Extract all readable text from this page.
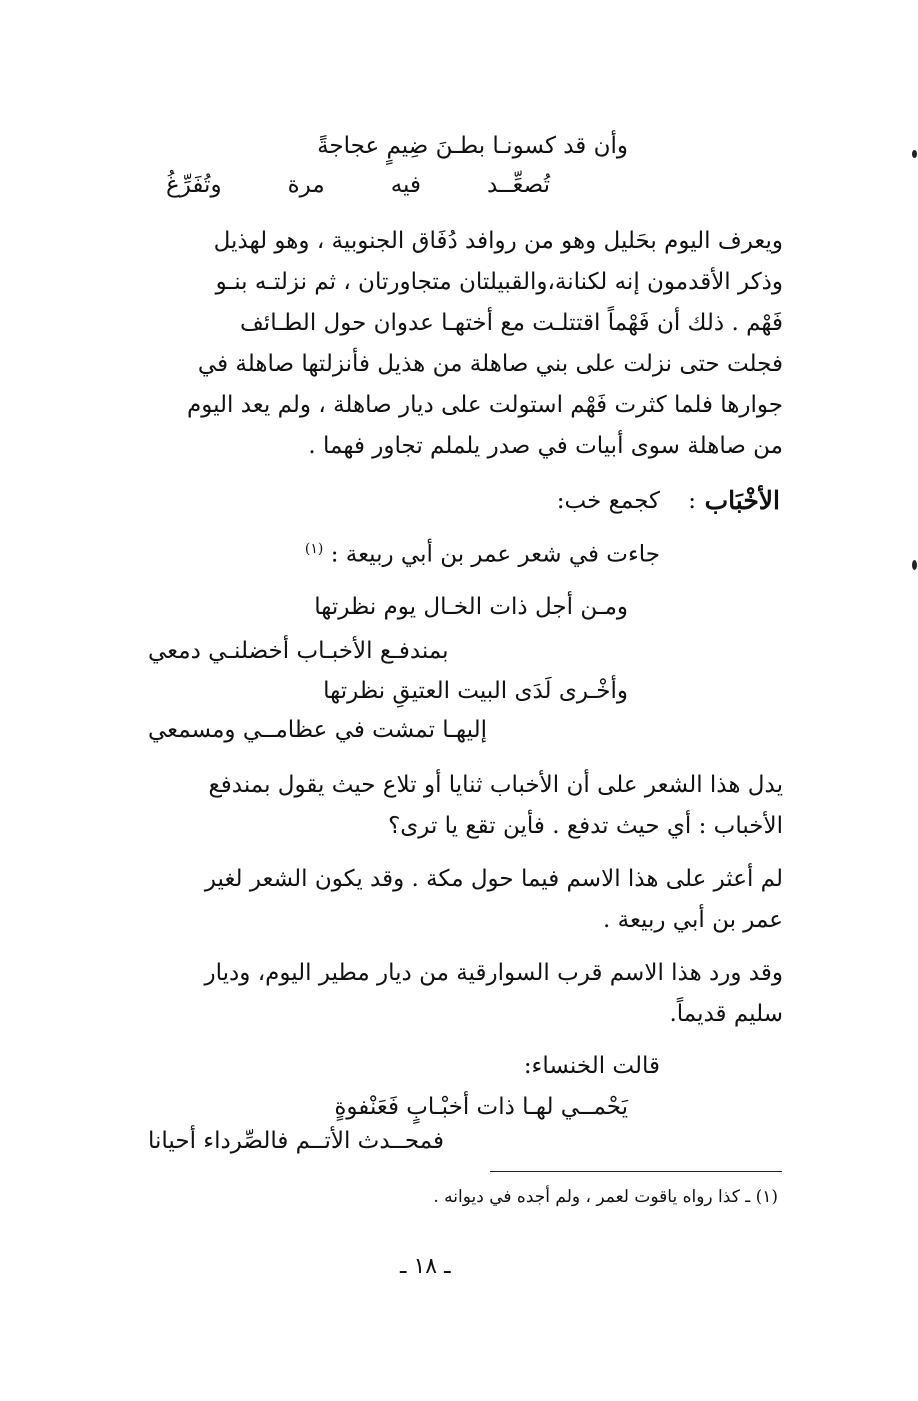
وأن قد كسونـا بطـنَ ضِيمٍ عجاجةً
تُصعِّــد
فيه
مرة
وتُفَرِّغُ
ويعرف اليوم بحَليل وهو من روافد دُفَاق الجنوبية ، وهو لهذيل
وذكر الأقدمون إنه لكنانة،والقبيلتان متجاورتان ، ثم نزلتـه بنـو
فَهْم . ذلك أن فَهْماً اقتتلـت مع أختهـا عدوان حول الطـائف
فجلت حتى نزلت على بني صاهلة من هذيل فأنزلتها صاهلة في
جوارها فلما كثرت فَهْم استولت على ديار صاهلة ، ولم يعد اليوم
من صاهلة سوى أبيات في صدر يلملم تجاور فهما .
الأخْبَاب
:
كجمع خب:
جاءت في شعر عمر بن أبي ربيعة : $^{(١)}$
ومـن أجل ذات الخـال يوم نظرتها
بمندفـع الأخبـاب أخضلنـي دمعي
وأخْـرى لَدَى البيت العتيقِ نظرتها
إليهـا تمشت في عظامــي ومسمعي
يدل هذا الشعر على أن الأخباب ثنايا أو تلاع حيث يقول بمندفع
الأخباب : أي حيث تدفع . فأين تقع يا ترى؟
لم أعثر على هذا الاسم فيما حول مكة . وقد يكون الشعر لغير
عمر بن أبي ربيعة .
وقد ورد هذا الاسم قرب السوارقية من ديار مطير اليوم، وديار
سليم قديماً.
قالت الخنساء:
يَحْمــي لهـا ذات أخبْـابٍ فَعَنْفوةٍ
فمحــدث الأتــم فالصِّرداء أحيانا
(١) ـ كذا رواه ياقوت لعمر ، ولم أجده في ديوانه .
ـ ١٨ ـ
